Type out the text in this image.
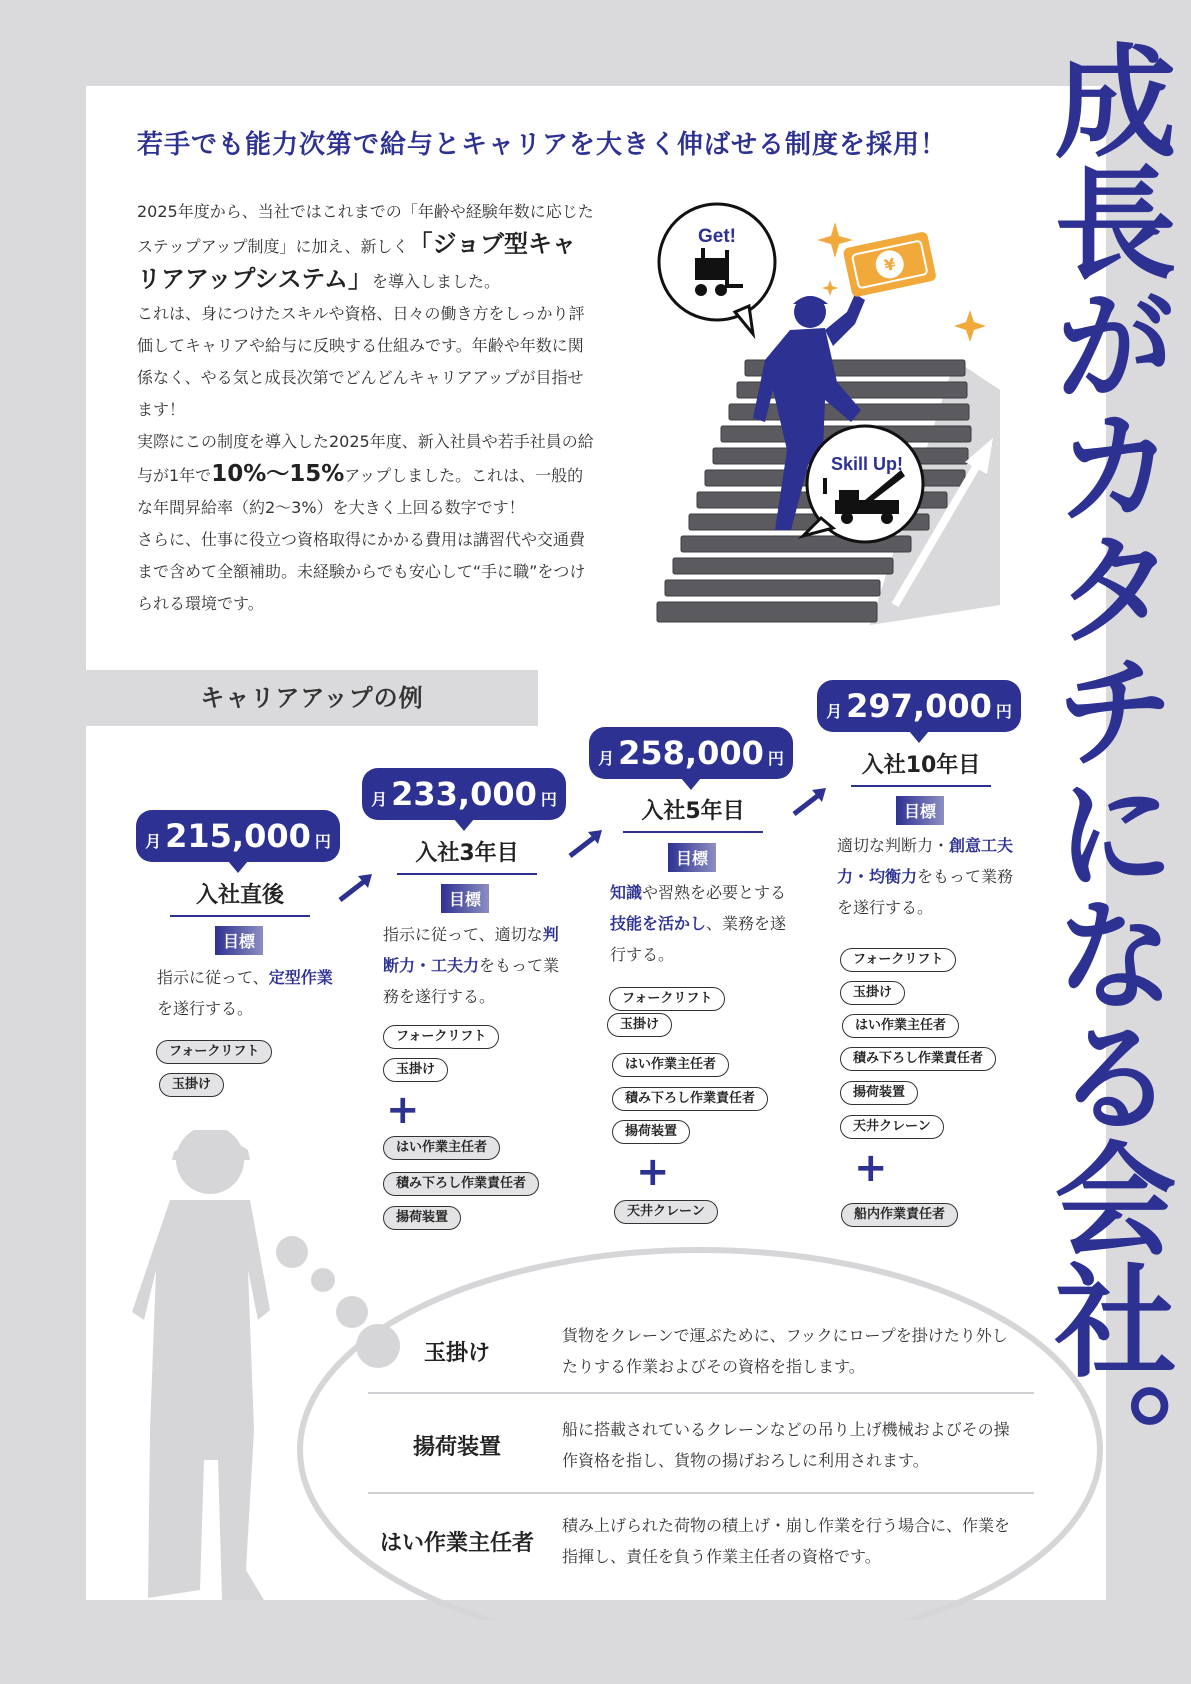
若手でも能力次第で給与とキャリアを大きく伸ばせる制度を採用！

2025年度から、当社ではこれまでの「年齢や経験年数に応じたステップアップ制度」に加え、新しく「ジョブ型キャリアアップシステム」を導入しました。

これは、身につけたスキルや資格、日々の働き方をしっかり評価してキャリアや給与に反映する仕組みです。年齢や年数に関係なく、やる気と成長次第でどんどんキャリアアップが目指せます！

実際にこの制度を導入した2025年度、新入社員や若手社員の給与が1年で10%〜15%アップしました。これは、一般的な年間昇給率（約2〜3%）を大きく上回る数字です！

さらに、仕事に役立つ資格取得にかかる費用は講習代や交通費まで含めて全額補助。未経験からでも安心して“手に職”をつけられる環境です。

Get!
Skill Up!
¥ 成長がカタチになる会社。
キャリアアップの例
月収
215,000 円
入社直後
目標
指示に従って、定型作業を遂行する。
フォークリフト
玉掛け
月収
233,000 円
入社3年目
目標
指示に従って、適切な判断力・工夫力をもって業務を遂行する。
フォークリフト
玉掛け
+
はい作業主任者
積み下ろし作業責任者
揚荷装置
月収
258,000 円
入社5年目
目標
知識や習熟を必要とする技能を活かし、業務を遂行する。
フォークリフト
玉掛け
はい作業主任者
積み下ろし作業責任者
揚荷装置
+
天井クレーン
月収
297,000 円
入社10年目
目標
適切な判断力・創意工夫力・均衡力をもって業務を遂行する。
フォークリフト
玉掛け
はい作業主任者
積み下ろし作業責任者
揚荷装置
天井クレーン
+
船内作業責任者
玉掛け
貨物をクレーンで運ぶために、フックにロープを掛けたり外したりする作業およびその資格を指します。
揚荷装置
船に搭載されているクレーンなどの吊り上げ機械およびその操作資格を指し、貨物の揚げおろしに利用されます。
はい作業主任者
積み上げられた荷物の積上げ・崩し作業を行う場合に、作業を指揮し、責任を負う作業主任者の資格です。
